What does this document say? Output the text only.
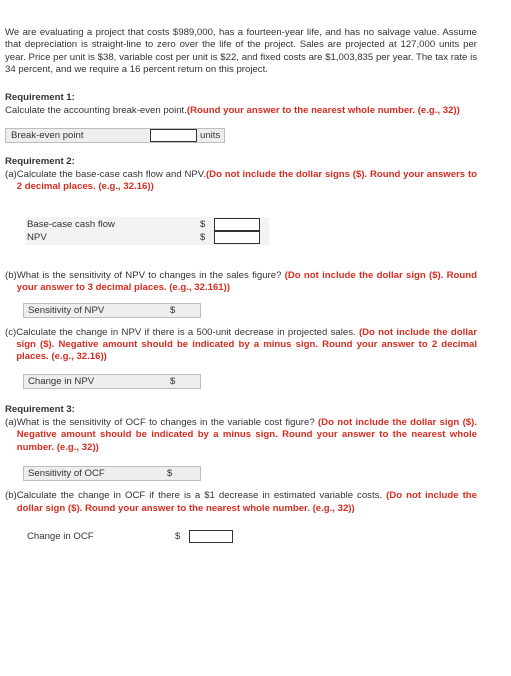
We are evaluating a project that costs $989,000, has a fourteen-year life, and has no salvage value. Assume that depreciation is straight-line to zero over the life of the project. Sales are projected at 127,000 units per year. Price per unit is $38, variable cost per unit is $22, and fixed costs are $1,003,835 per year. The tax rate is 34 percent, and we require a 16 percent return on this project.

Requirement 1:

Calculate the accounting break-even point.(Round your answer to the nearest whole number. (e.g., 32))

Break-even point	units

Requirement 2:

(a) Calculate the base-case cash flow and NPV.(Do not include the dollar signs ($). Round your answers to 2 decimal places. (e.g., 32.16))
Base-case cash flow	$
NPV	$
(b) What is the sensitivity of NPV to changes in the sales figure? (Do not include the dollar sign ($). Round your answer to 3 decimal places. (e.g., 32.161))
Sensitivity of NPV	$
(c) Calculate the change in NPV if there is a 500-unit decrease in projected sales. (Do not include the dollar sign ($). Negative amount should be indicated by a minus sign. Round your answer to 2 decimal places. (e.g., 32.16))
Change in NPV	$

Requirement 3:

(a) What is the sensitivity of OCF to changes in the variable cost figure? (Do not include the dollar sign ($). Negative amount should be indicated by a minus sign. Round your answer to the nearest whole number. (e.g., 32))
Sensitivity of OCF	$
(b) Calculate the change in OCF if there is a $1 decrease in estimated variable costs. (Do not include the dollar sign ($). Round your answer to the nearest whole number. (e.g., 32))
Change in OCF	$
